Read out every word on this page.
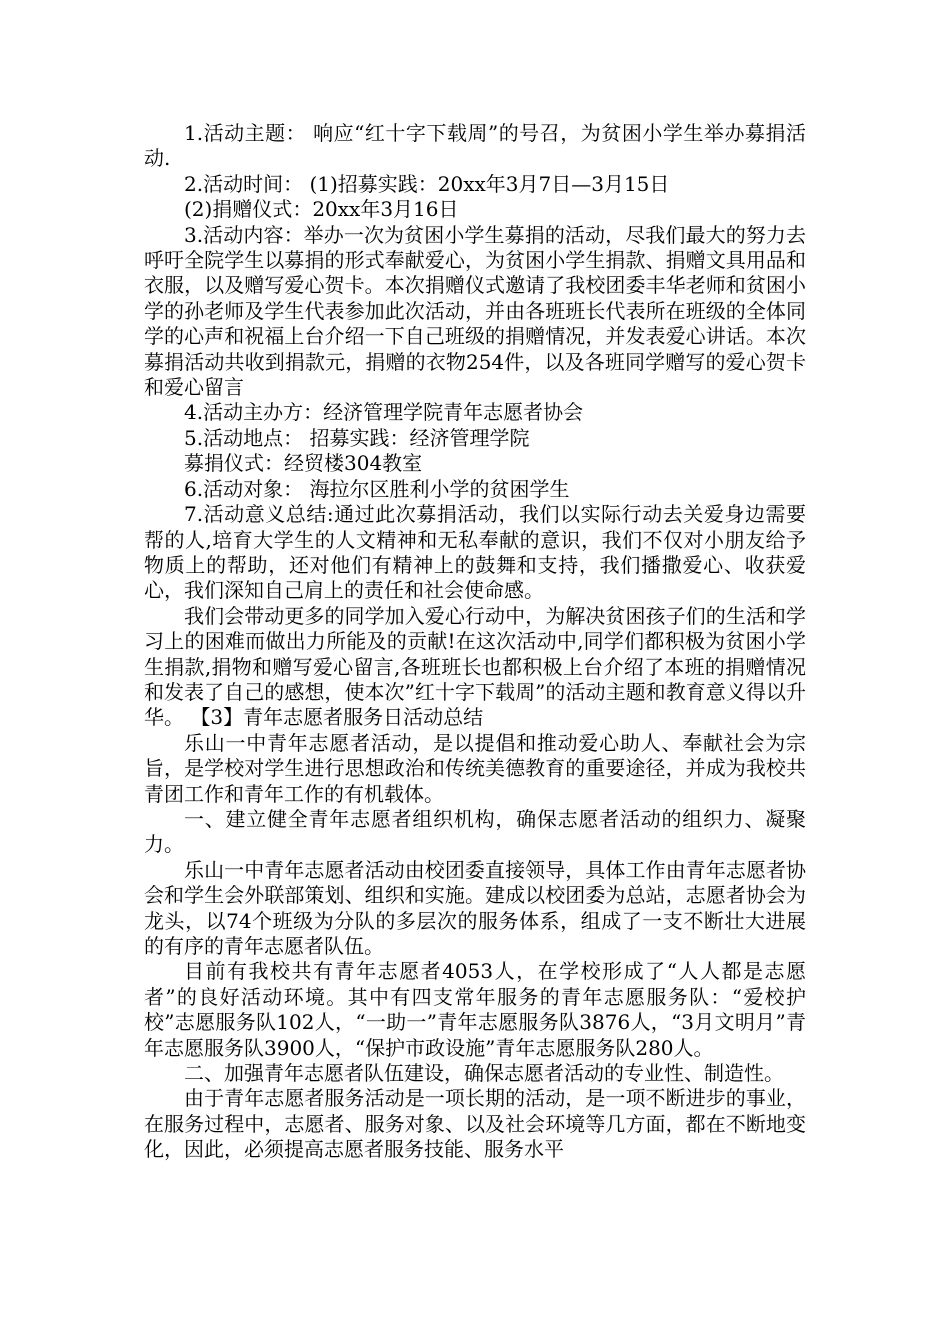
1.活动主题： 响应“红十字下载周”的号召，为贫困小学生举办募捐活动.

2.活动时间： (1)招募实践：20xx年3月7日—3月15日

(2)捐赠仪式：20xx年3月16日

3.活动内容：举办一次为贫困小学生募捐的活动，尽我们最大的努力去呼吁全院学生以募捐的形式奉献爱心，为贫困小学生捐款、捐赠文具用品和衣服，以及赠写爱心贺卡。本次捐赠仪式邀请了我校团委丰华老师和贫困小学的孙老师及学生代表参加此次活动，并由各班班长代表所在班级的全体同学的心声和祝福上台介绍一下自己班级的捐赠情况，并发表爱心讲话。本次募捐活动共收到捐款元，捐赠的衣物254件，以及各班同学赠写的爱心贺卡和爱心留言

4.活动主办方：经济管理学院青年志愿者协会

5.活动地点： 招募实践：经济管理学院

募捐仪式：经贸楼304教室

6.活动对象： 海拉尔区胜利小学的贫困学生

7.活动意义总结:通过此次募捐活动，我们以实际行动去关爱身边需要帮的人,培育大学生的人文精神和无私奉献的意识，我们不仅对小朋友给予物质上的帮助，还对他们有精神上的鼓舞和支持，我们播撒爱心、收获爱心，我们深知自己肩上的责任和社会使命感。

我们会带动更多的同学加入爱心行动中，为解决贫困孩子们的生活和学习上的困难而做出力所能及的贡献!在这次活动中,同学们都积极为贫困小学生捐款,捐物和赠写爱心留言,各班班长也都积极上台介绍了本班的捐赠情况和发表了自己的感想，使本次”红十字下载周”的活动主题和教育意义得以升华。 【3】青年志愿者服务日活动总结

乐山一中青年志愿者活动，是以提倡和推动爱心助人、奉献社会为宗旨，是学校对学生进行思想政治和传统美德教育的重要途径，并成为我校共青团工作和青年工作的有机载体。

一、建立健全青年志愿者组织机构，确保志愿者活动的组织力、凝聚力。

乐山一中青年志愿者活动由校团委直接领导，具体工作由青年志愿者协会和学生会外联部策划、组织和实施。建成以校团委为总站，志愿者协会为龙头，以74个班级为分队的多层次的服务体系，组成了一支不断壮大进展的有序的青年志愿者队伍。

目前有我校共有青年志愿者4053人，在学校形成了“人人都是志愿者”的良好活动环境。其中有四支常年服务的青年志愿服务队：“爱校护校”志愿服务队102人，“一助一”青年志愿服务队3876人，“3月文明月”青年志愿服务队3900人，“保护市政设施”青年志愿服务队280人。

二、加强青年志愿者队伍建设，确保志愿者活动的专业性、制造性。

由于青年志愿者服务活动是一项长期的活动，是一项不断进步的事业，在服务过程中，志愿者、服务对象、以及社会环境等几方面，都在不断地变化，因此，必须提高志愿者服务技能、服务水平
